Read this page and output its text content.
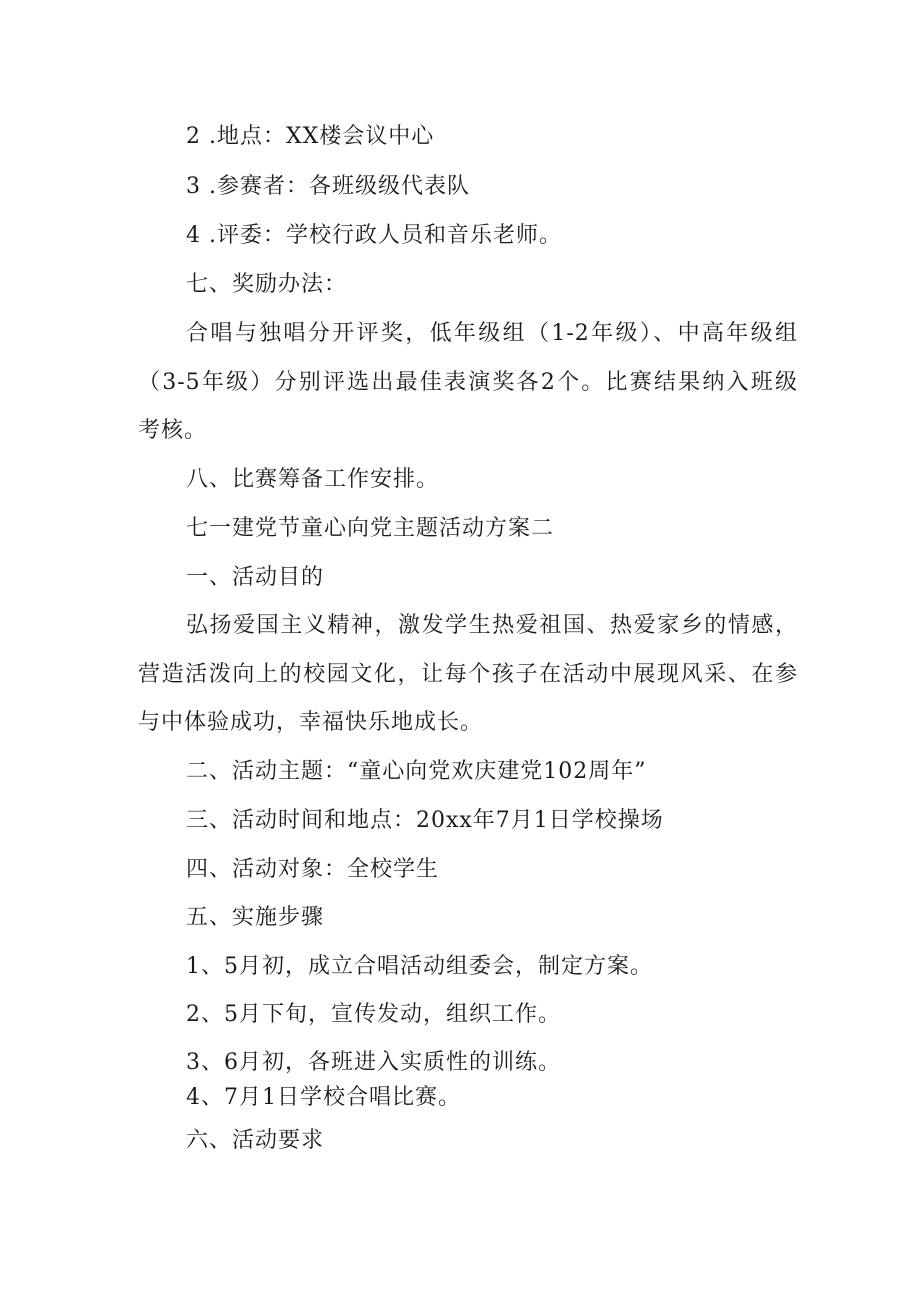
2 .地点：XX楼会议中心
3 .参赛者：各班级级代表队
4 .评委：学校行政人员和音乐老师。
七、奖励办法：
合唱与独唱分开评奖，低年级组（1-2年级）、中高年级组
（3-5年级）分别评选出最佳表演奖各2个。比赛结果纳入班级
考核。
八、比赛筹备工作安排。
七一建党节童心向党主题活动方案二
一、活动目的
弘扬爱国主义精神，激发学生热爱祖国、热爱家乡的情感，
营造活泼向上的校园文化，让每个孩子在活动中展现风采、在参
与中体验成功，幸福快乐地成长。
二、活动主题：“童心向党欢庆建党102周年”
三、活动时间和地点：20xx年7月1日学校操场
四、活动对象：全校学生
五、实施步骤
1、5月初，成立合唱活动组委会，制定方案。
2、5月下旬，宣传发动，组织工作。
3、6月初，各班进入实质性的训练。
4、7月1日学校合唱比赛。
六、活动要求
